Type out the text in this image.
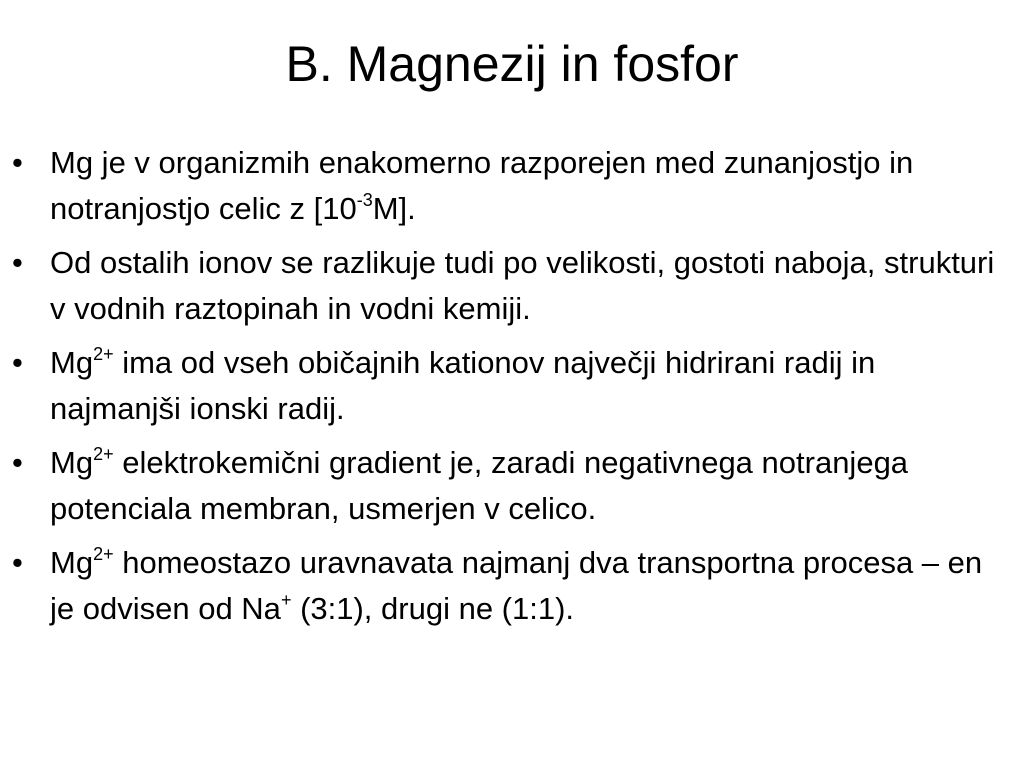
B. Magnezij in fosfor
• Mg je v organizmih enakomerno razporejen med zunanjostjo in notranjostjo celic z $[10^{-3}M]$.
• Od ostalih ionov se razlikuje tudi po velikosti, gostoti naboja, strukturi v vodnih raztopinah in vodni kemiji.
• $Mg^{2+}$ ima od vseh običajnih kationov največji hidrirani radij in najmanjši ionski radij.
• $Mg^{2+}$ elektrokemični gradient je, zaradi negativnega notranjega potenciala membran, usmerjen v celico.
• $Mg^{2+}$ homeostazo uravnavata najmanj dva transportna procesa – en je odvisen od Na+ (3:1), drugi ne (1:1).
